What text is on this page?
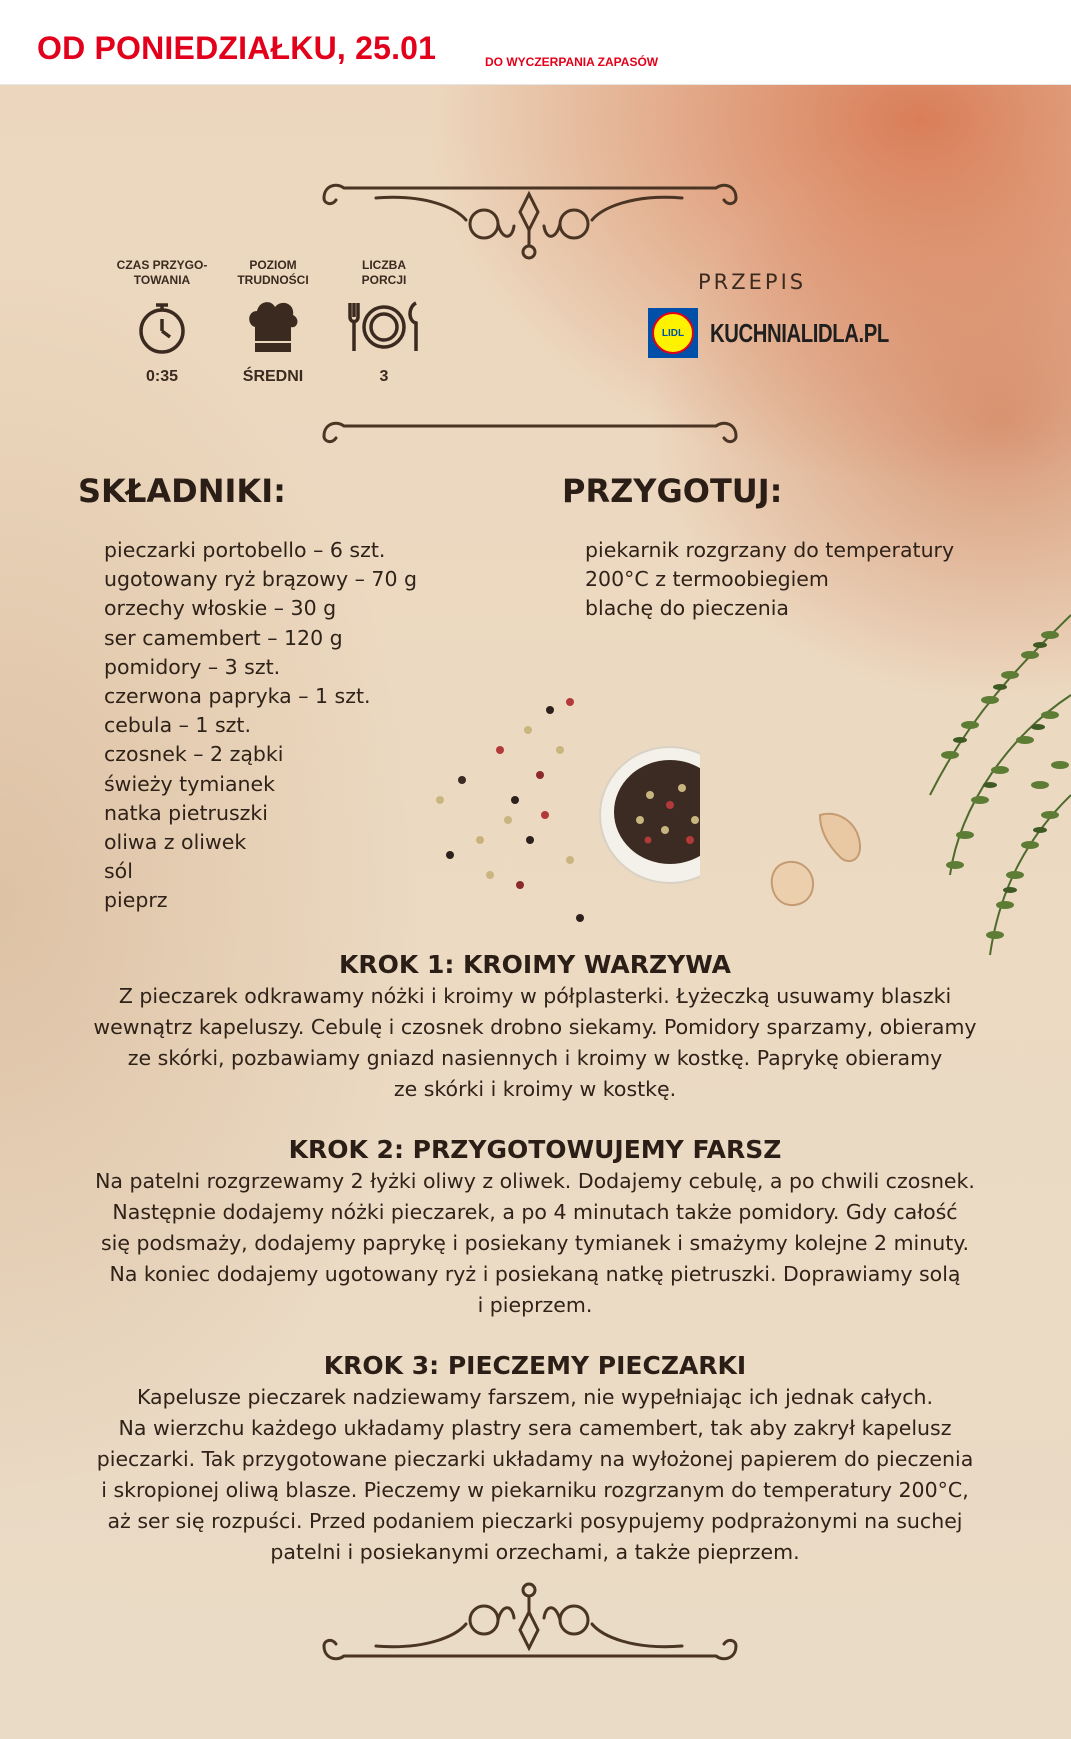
OD PONIEDZIAŁKU, 25.01	DO WYCZERPANIA ZAPASÓW
CZAS PRZYGO-
TOWANIA
0:35
POZIOM
TRUDNOŚCI
ŚREDNI
LICZBA
PORCJI
3
PRZEPIS
LIDL KUCHNIALIDLA.PL
SKŁADNIKI:	PRZYGOTUJ:
pieczarki portobello – 6 szt.
ugotowany ryż brązowy – 70 g
orzechy włoskie – 30 g
ser camembert – 120 g
pomidory – 3 szt.
czerwona papryka – 1 szt.
cebula – 1 szt.
czosnek – 2 ząbki
świeży tymianek
natka pietruszki
oliwa z oliwek
sól
pieprz
piekarnik rozgrzany do temperatury
200°C z termoobiegiem
blachę do pieczenia
KROK 1: KROIMY WARZYWA

Z pieczarek odkrawamy nóżki i kroimy w półplasterki. Łyżeczką usuwamy blaszki
wewnątrz kapeluszy. Cebulę i czosnek drobno siekamy. Pomidory sparzamy, obieramy
ze skórki, pozbawiamy gniazd nasiennych i kroimy w kostkę. Paprykę obieramy
ze skórki i kroimy w kostkę.

KROK 2: PRZYGOTOWUJEMY FARSZ

Na patelni rozgrzewamy 2 łyżki oliwy z oliwek. Dodajemy cebulę, a po chwili czosnek.
Następnie dodajemy nóżki pieczarek, a po 4 minutach także pomidory. Gdy całość
się podsmaży, dodajemy paprykę i posiekany tymianek i smażymy kolejne 2 minuty.
Na koniec dodajemy ugotowany ryż i posiekaną natkę pietruszki. Doprawiamy solą
i pieprzem.

KROK 3: PIECZEMY PIECZARKI

Kapelusze pieczarek nadziewamy farszem, nie wypełniając ich jednak całych.
Na wierzchu każdego układamy plastry sera camembert, tak aby zakrył kapelusz
pieczarki. Tak przygotowane pieczarki układamy na wyłożonej papierem do pieczenia
i skropionej oliwą blasze. Pieczemy w piekarniku rozgrzanym do temperatury 200°C,
aż ser się rozpuści. Przed podaniem pieczarki posypujemy podprażonymi na suchej
patelni i posiekanymi orzechami, a także pieprzem.
